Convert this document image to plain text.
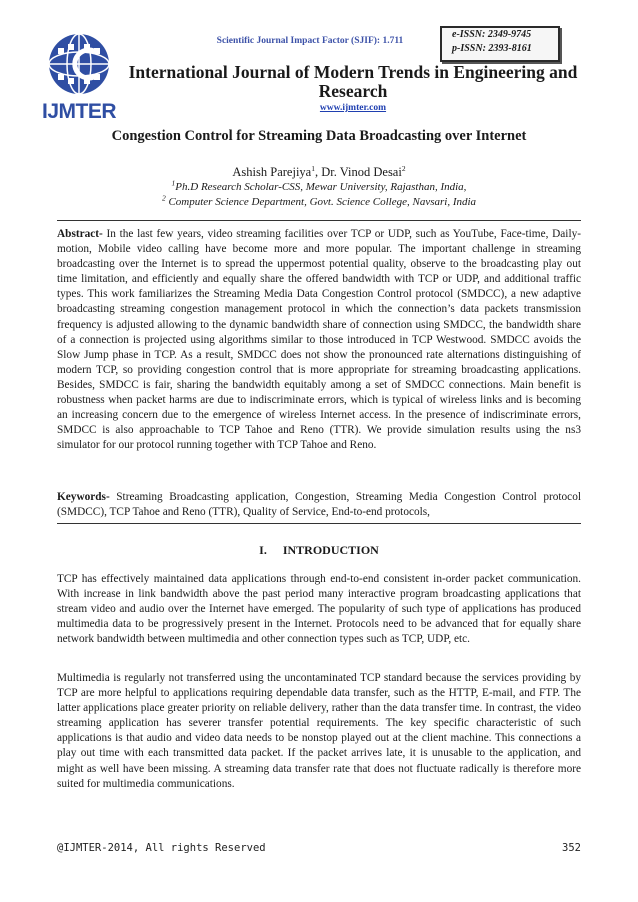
IJMTER
Scientific Journal Impact Factor (SJIF): 1.711
e-ISSN: 2349-9745
p-ISSN: 2393-8161
International Journal of Modern Trends in Engineering and Research
www.ijmter.com
Congestion Control for Streaming Data Broadcasting over Internet
Ashish Parejiya$^1$, Dr. Vinod Desai$^2$
$^1$Ph.D Research Scholar-CSS, Mewar University, Rajasthan, India,
$^2$ Computer Science Department, Govt. Science College, Navsari, India
Abstract- In the last few years, video streaming facilities over TCP or UDP, such as YouTube, Face-time, Daily-motion, Mobile video calling have become more and more popular. The important challenge in streaming broadcasting over the Internet is to spread the uppermost potential quality, observe to the broadcasting play out time limitation, and efficiently and equally share the offered bandwidth with TCP or UDP, and additional traffic types. This work familiarizes the Streaming Media Data Congestion Control protocol (SMDCC), a new adaptive broadcasting streaming congestion management protocol in which the connection’s data packets transmission frequency is adjusted allowing to the dynamic bandwidth share of connection using SMDCC, the bandwidth share of a connection is projected using algorithms similar to those introduced in TCP Westwood. SMDCC avoids the Slow Jump phase in TCP. As a result, SMDCC does not show the pronounced rate alternations distinguishing of modern TCP, so providing congestion control that is more appropriate for streaming broadcasting applications. Besides, SMDCC is fair, sharing the bandwidth equitably among a set of SMDCC connections. Main benefit is robustness when packet harms are due to indiscriminate errors, which is typical of wireless links and is becoming an increasing concern due to the emergence of wireless Internet access. In the presence of indiscriminate errors, SMDCC is also approachable to TCP Tahoe and Reno (TTR). We provide simulation results using the ns3 simulator for our protocol running together with TCP Tahoe and Reno.
Keywords- Streaming Broadcasting application, Congestion, Streaming Media Congestion Control protocol (SMDCC), TCP Tahoe and Reno (TTR), Quality of Service, End-to-end protocols,
I. INTRODUCTION
TCP has effectively maintained data applications through end-to-end consistent in-order packet communication. With increase in link bandwidth above the past period many interactive program broadcasting applications that stream video and audio over the Internet have emerged. The popularity of such type of applications has produced multimedia data to be progressively present in the Internet. Protocols need to be advanced that for equally share network bandwidth between multimedia and other connection types such as TCP, UDP, etc.
Multimedia is regularly not transferred using the uncontaminated TCP standard because the services providing by TCP are more helpful to applications requiring dependable data transfer, such as the HTTP, E-mail, and FTP. The latter applications place greater priority on reliable delivery, rather than the data transfer time. In contrast, the video streaming application has severer transfer potential requirements. The key specific characteristic of such applications is that audio and video data needs to be nonstop played out at the client machine. This connections a play out time with each transmitted data packet. If the packet arrives late, it is unusable to the application, and might as well have been missing. A streaming data transfer rate that does not fluctuate radically is therefore more suited for multimedia communications.
@IJMTER-2014, All rights Reserved	352
